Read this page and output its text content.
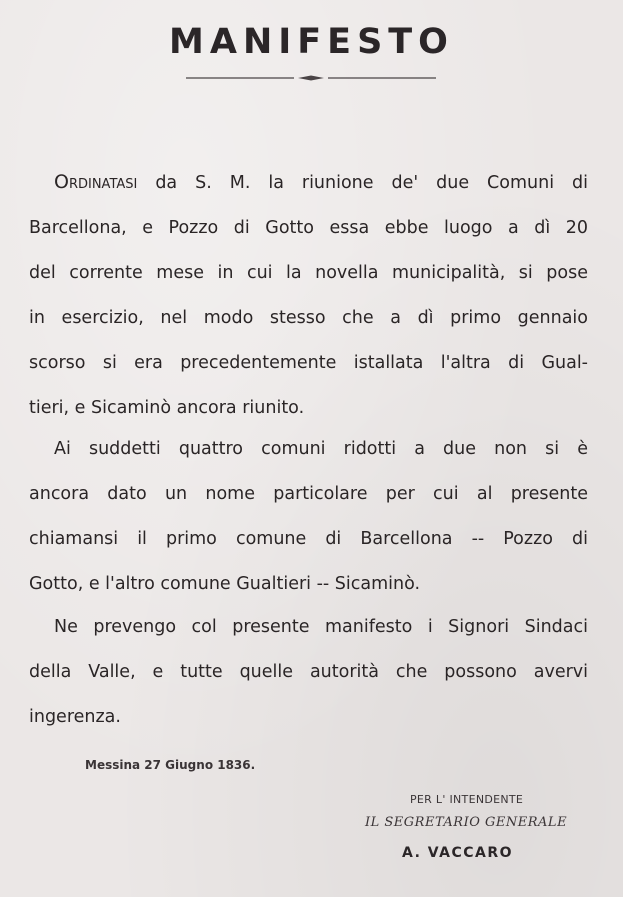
MANIFESTO
Ordinatasi da S. M. la riunione de' due Comuni di
Barcellona, e Pozzo di Gotto essa ebbe luogo a dì 20
del corrente mese in cui la novella municipalità, si pose
in esercizio, nel modo stesso che a dì primo gennaio
scorso si era precedentemente istallata l'altra di Gual-
tieri, e Sicaminò ancora riunito.
Ai suddetti quattro comuni ridotti a due non si è
ancora dato un nome particolare per cui al presente
chiamansi il primo comune di Barcellona -- Pozzo di
Gotto, e l'altro comune Gualtieri -- Sicaminò.
Ne prevengo col presente manifesto i Signori Sindaci
della Valle, e tutte quelle autorità che possono avervi
ingerenza.
Messina 27 Giugno 1836.
PER L' INTENDENTE
IL SEGRETARIO GENERALE
A. VACCARO
